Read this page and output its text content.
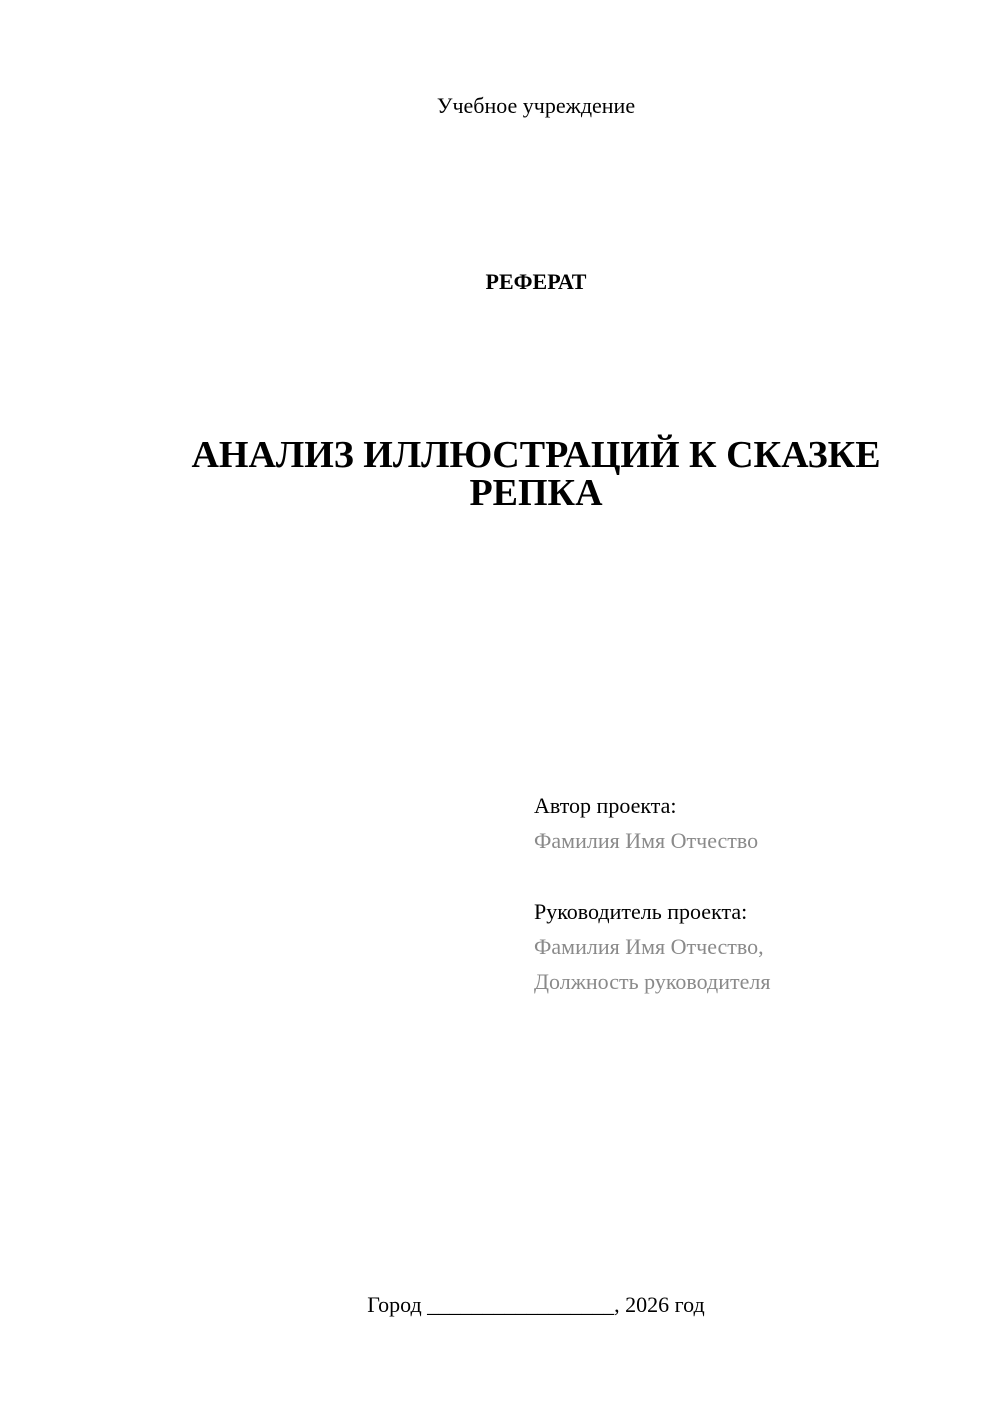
Учебное учреждение
РЕФЕРАТ
АНАЛИЗ ИЛЛЮСТРАЦИЙ К СКАЗКЕ
РЕПКА
Автор проекта:
Фамилия Имя Отчество
Руководитель проекта:
Фамилия Имя Отчество,
Должность руководителя
Город _________________, 2026 год
